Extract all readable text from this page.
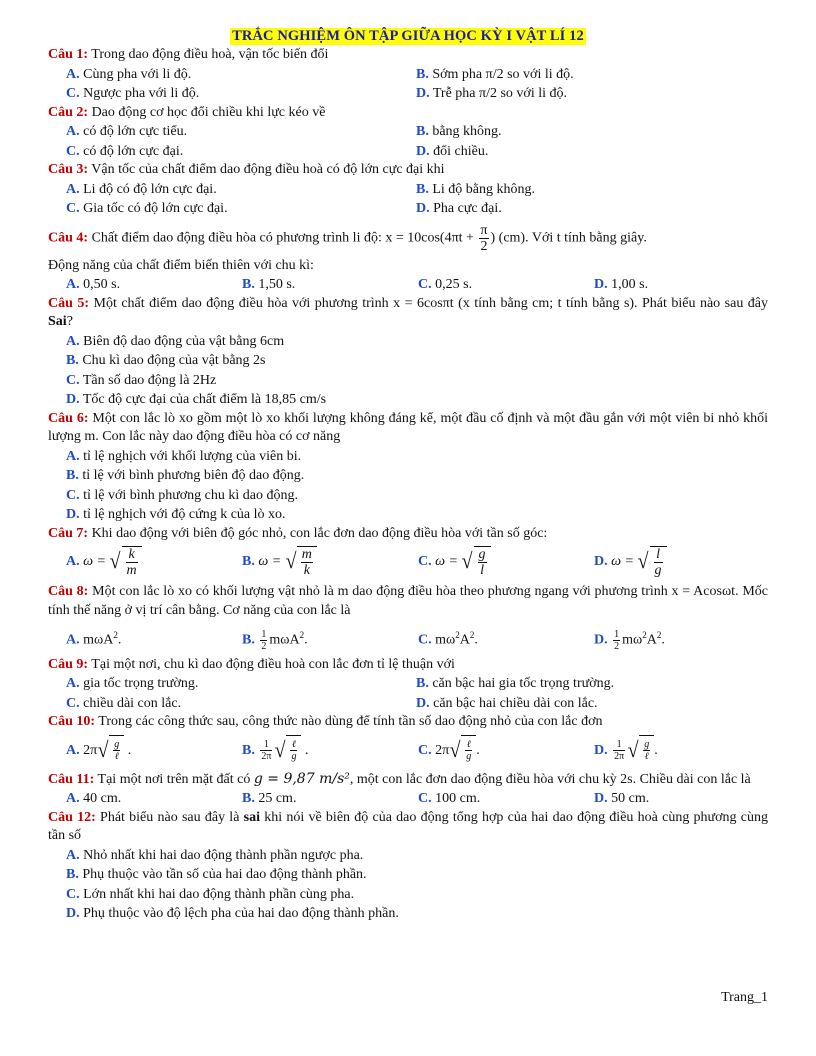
TRẮC NGHIỆM ÔN TẬP GIỮA HỌC KỲ I VẬT LÍ 12
Câu 1: Trong dao động điều hoà, vận tốc biến đổi
A. Cùng pha với li độ.	B. Sớm pha π/2 so với li độ.
C. Ngược pha với li độ.	D. Trễ pha π/2 so với li độ.
Câu 2: Dao động cơ học đổi chiều khi lực kéo về
A. có độ lớn cực tiểu.	B. bằng không.
C. có độ lớn cực đại.	D. đổi chiều.
Câu 3: Vận tốc của chất điểm dao động điều hoà có độ lớn cực đại khi
A. Li độ có độ lớn cực đại.	B. Li độ bằng không.
C. Gia tốc có độ lớn cực đại.	D. Pha cực đại.
Câu 4: Chất điểm dao động điều hòa có phương trình li độ: $x = 10\cos(4\pi t + \frac{\pi}{2}$ ) (cm). Với t tính bằng giây.
Động năng của chất điểm biến thiên với chu kì:
A. 0,50 s.	B. 1,50 s.	C. 0,25 s.	D. 1,00 s.
Câu 5: Một chất điểm dao động điều hòa với phương trình x = 6cosπt (x tính bằng cm; t tính bằng s). Phát biểu nào sau đây Sai?
A. Biên độ dao động của vật bằng 6cm
B. Chu kì dao động của vật bằng 2s
C. Tần số dao động là 2Hz
D. Tốc độ cực đại của chất điểm là 18,85 cm/s
Câu 6: Một con lắc lò xo gồm một lò xo khối lượng không đáng kể, một đầu cố định và một đầu gắn với một viên bi nhỏ khối lượng m. Con lắc này dao động điều hòa có cơ năng
A. tỉ lệ nghịch với khối lượng của viên bi.
B. tỉ lệ với bình phương biên độ dao động.
C. tỉ lệ với bình phương chu kì dao động.
D. tỉ lệ nghịch với độ cứng k của lò xo.
Câu 7: Khi dao động với biên độ góc nhỏ, con lắc đơn dao động điều hòa với tần số góc:
A. ω = √ $\frac{k}{m}$	B. ω = √ $\frac{m}{k}$	C. ω = √ $\frac{g}{l}$	D. ω = √ $\frac{l}{g}$
Câu 8: Một con lắc lò xo có khối lượng vật nhỏ là m dao động điều hòa theo phương ngang với phương trình x = Acosωt. Mốc tính thế năng ở vị trí cân bằng. Cơ năng của con lắc là
A. mωA$^2$.	B. $\frac{1}{2} m\omega A^2$.	C. $m\omega^2A^2$.	D. $\frac{1}{2} m\omega^2A^2$.
Câu 9: Tại một nơi, chu kì dao động điều hoà con lắc đơn tỉ lệ thuận với
A. gia tốc trọng trường.	B. căn bậc hai gia tốc trọng trường.
C. chiều dài con lắc.	D. căn bậc hai chiều dài con lắc.
Câu 10: Trong các công thức sau, công thức nào dùng để tính tần số dao động nhỏ của con lắc đơn
A. 2π √ $\frac{g}{\text{ℓ}}$ .	B. $\frac{1}{2\pi}$ √ $\frac{\text{ℓ}}{g}$ .	C. 2π √ $\frac{\text{ℓ}}{g}$ .	D. $\frac{1}{2\pi}$ √ $\frac{g}{\text{ℓ}}$ .
Câu 11: Tại một nơi trên mặt đất có g = 9,87 m/s², một con lắc đơn dao động điều hòa với chu kỳ 2s. Chiều dài con lắc là
A. 40 cm.	B. 25 cm.	C. 100 cm.	D. 50 cm.
Câu 12: Phát biểu nào sau đây là sai khi nói về biên độ của dao động tổng hợp của hai dao động điều hoà cùng phương cùng tần số
A. Nhỏ nhất khi hai dao động thành phần ngược pha.
B. Phụ thuộc vào tần số của hai dao động thành phần.
C. Lớn nhất khi hai dao động thành phần cùng pha.
D. Phụ thuộc vào độ lệch pha của hai dao động thành phần.
Trang_1
